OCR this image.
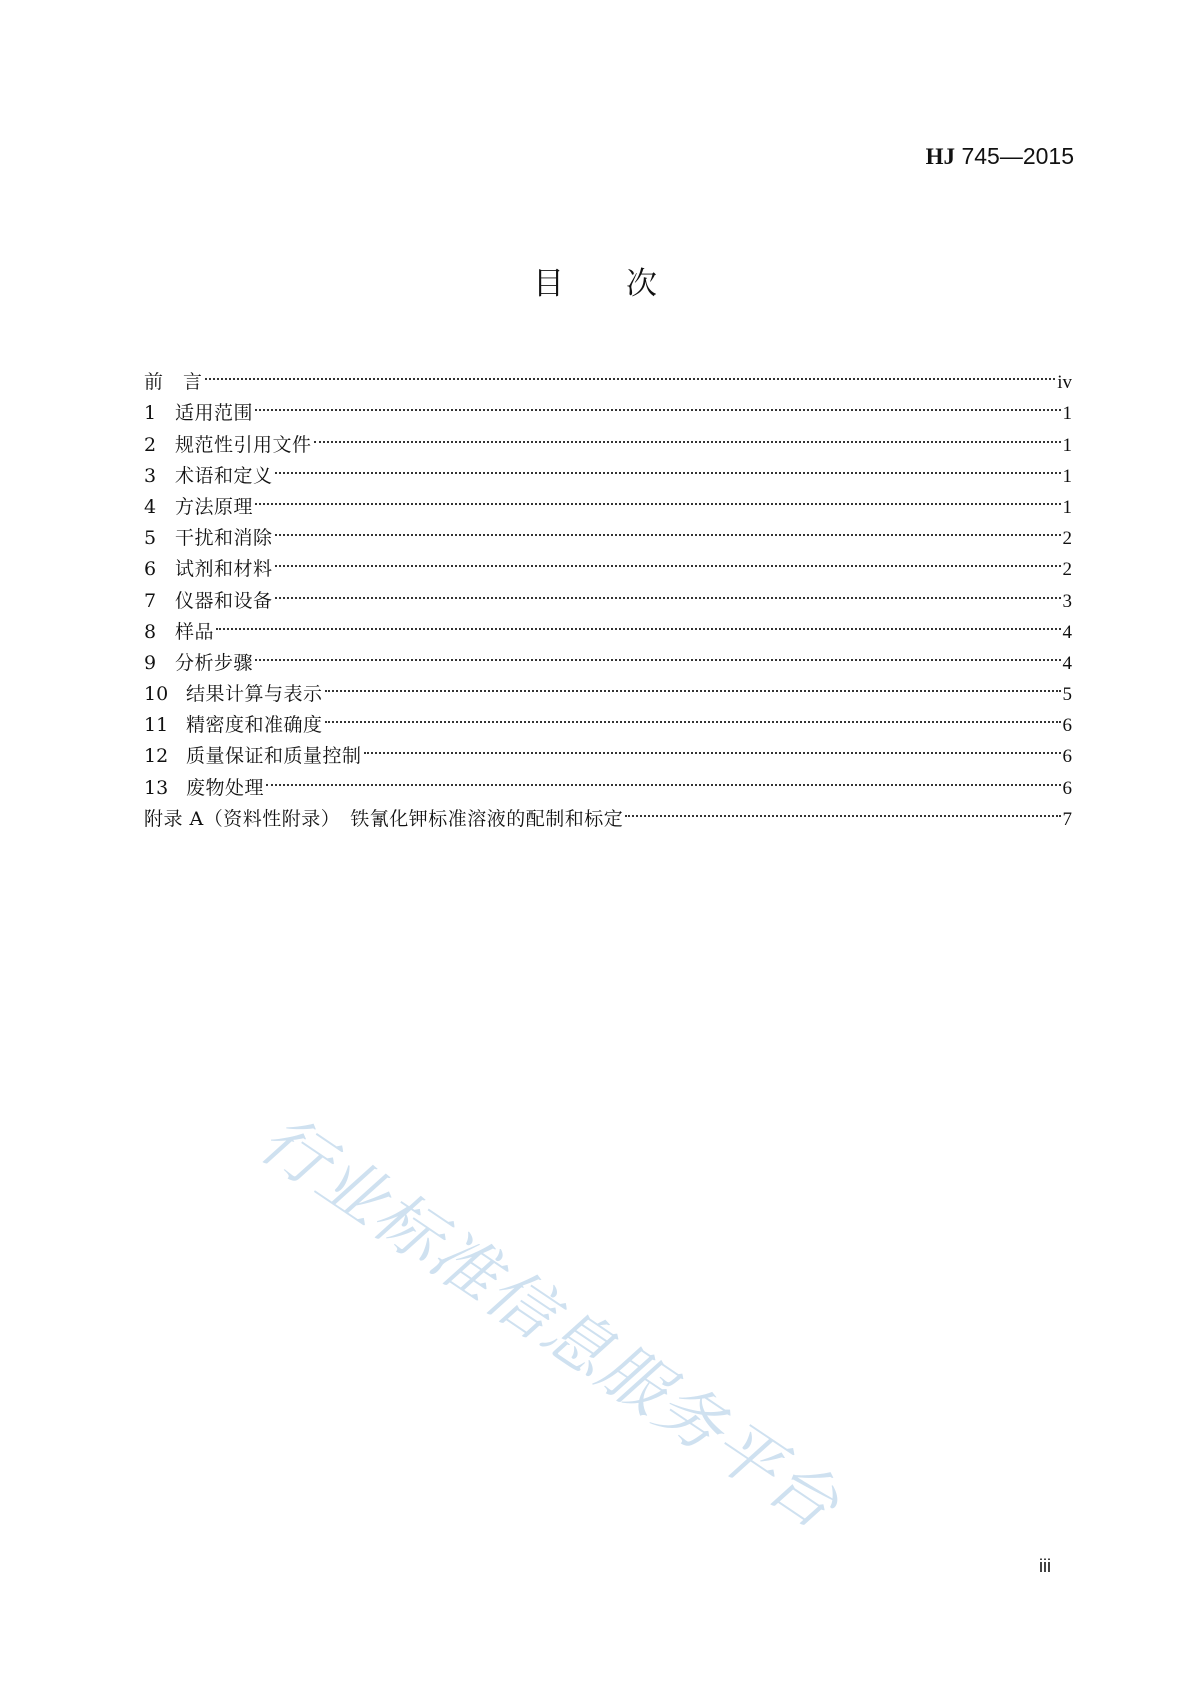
HJ 745—2015
目 次
前　言	iv
1 适用范围	1
2 规范性引用文件	1
3 术语和定义	1
4 方法原理	1
5 干扰和消除	2
6 试剂和材料	2
7 仪器和设备	3
8 样品	4
9 分析步骤	4
10 结果计算与表示	5
11 精密度和准确度	6
12 质量保证和质量控制	6
13 废物处理	6
附录 A（资料性附录）　铁氰化钾标准溶液的配制和标定	7
行业标准信息服务平台
iii
